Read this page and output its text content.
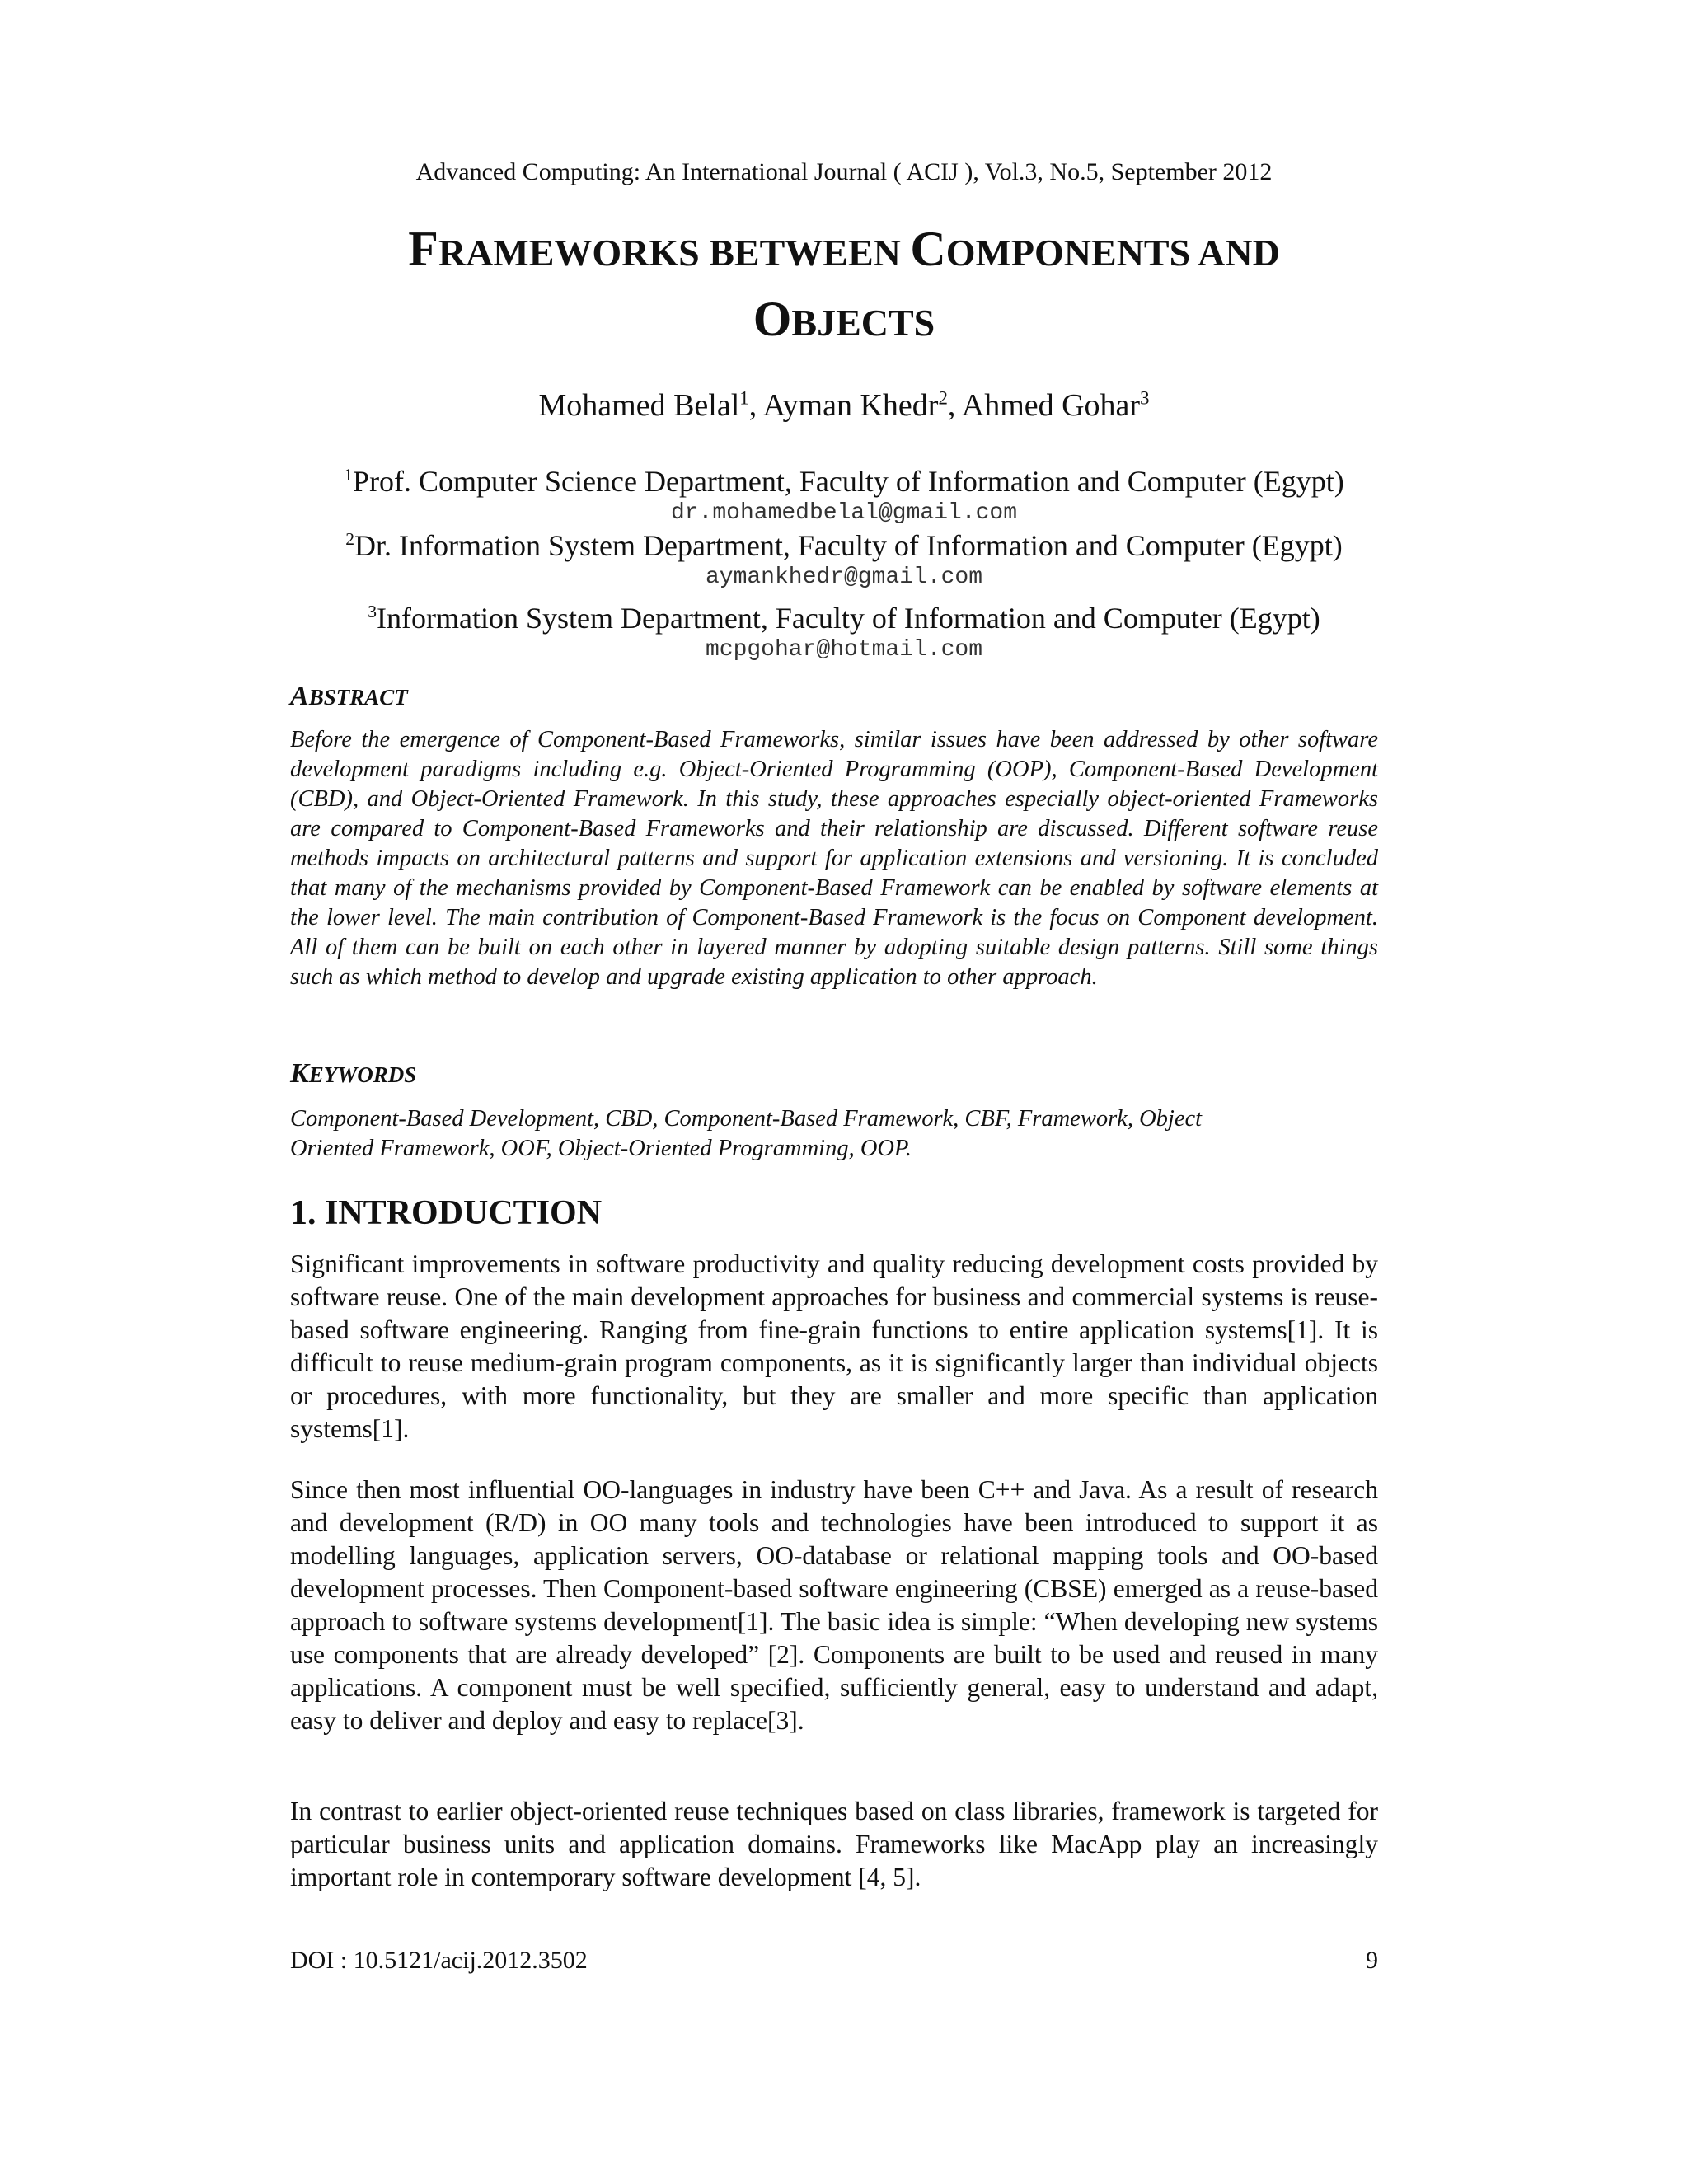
Advanced Computing: An International Journal ( ACIJ ), Vol.3, No.5, September 2012
FRAMEWORKS BETWEEN COMPONENTS AND
OBJECTS
Mohamed Belal$^1$, Ayman Khedr$^2$, Ahmed Gohar$^3$
$^1$Prof. Computer Science Department, Faculty of Information and Computer (Egypt)
dr.mohamedbelal@gmail.com
$^2$Dr. Information System Department, Faculty of Information and Computer (Egypt)
aymankhedr@gmail.com
$^3$Information System Department, Faculty of Information and Computer (Egypt)
mcpgohar@hotmail.com
ABSTRACT
Before the emergence of Component-Based Frameworks, similar issues have been addressed by other software development paradigms including e.g. Object-Oriented Programming (OOP), Component-Based Development (CBD), and Object-Oriented Framework. In this study, these approaches especially object-oriented Frameworks are compared to Component-Based Frameworks and their relationship are discussed. Different software reuse methods impacts on architectural patterns and support for application extensions and versioning. It is concluded that many of the mechanisms provided by Component-Based Framework can be enabled by software elements at the lower level. The main contribution of Component-Based Framework is the focus on Component development. All of them can be built on each other in layered manner by adopting suitable design patterns. Still some things such as which method to develop and upgrade existing application to other approach.
KEYWORDS
Component-Based Development, CBD, Component-Based Framework, CBF, Framework, Object
Oriented Framework, OOF, Object-Oriented Programming, OOP.
1. INTRODUCTION
Significant improvements in software productivity and quality reducing development costs provided by software reuse. One of the main development approaches for business and commercial systems is reuse-based software engineering. Ranging from fine-grain functions to entire application systems[1]. It is difficult to reuse medium-grain program components, as it is significantly larger than individual objects or procedures, with more functionality, but they are smaller and more specific than application systems[1].
Since then most influential OO-languages in industry have been C++ and Java. As a result of research and development (R/D) in OO many tools and technologies have been introduced to support it as modelling languages, application servers, OO-database or relational mapping tools and OO-based development processes. Then Component-based software engineering (CBSE) emerged as a reuse-based approach to software systems development[1]. The basic idea is simple: “When developing new systems use components that are already developed” [2]. Components are built to be used and reused in many applications. A component must be well specified, sufficiently general, easy to understand and adapt, easy to deliver and deploy and easy to replace[3].
In contrast to earlier object-oriented reuse techniques based on class libraries, framework is targeted for particular business units and application domains. Frameworks like MacApp play an increasingly important role in contemporary software development [4, 5].
DOI : 10.5121/acij.2012.3502	9
